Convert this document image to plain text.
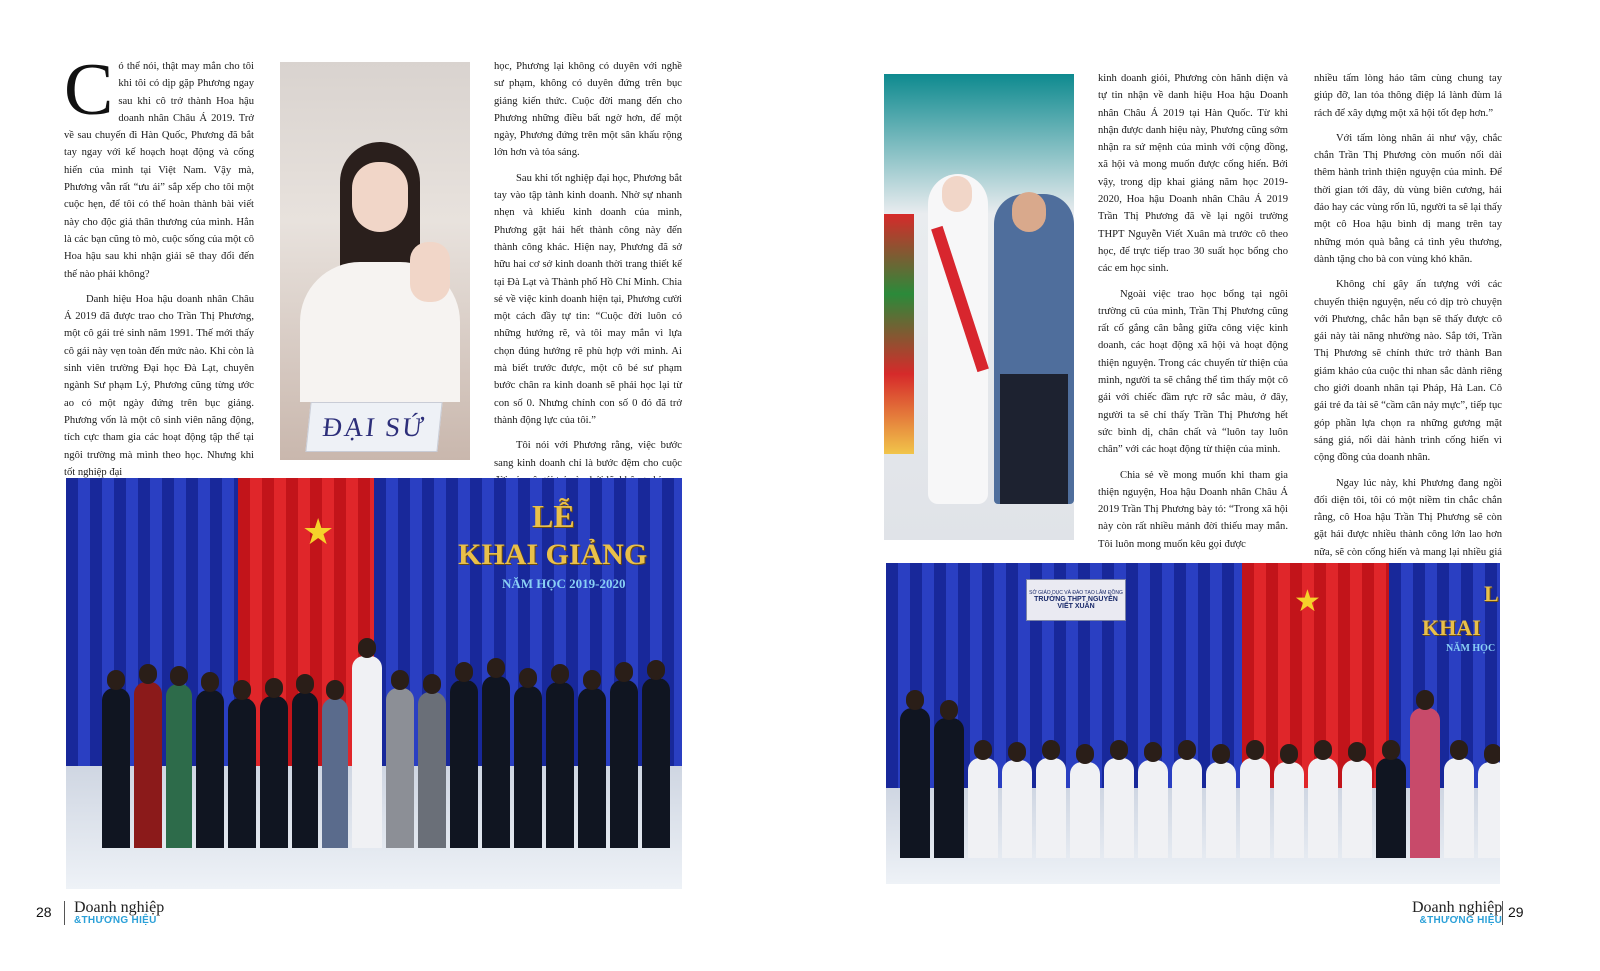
Có thể nói, thật may mắn cho tôi khi tôi có dịp gặp Phương ngay sau khi cô trở thành Hoa hậu doanh nhân Châu Á 2019. Trở về sau chuyến đi Hàn Quốc, Phương đã bắt tay ngay với kế hoạch hoạt động và cống hiến của mình tại Việt Nam. Vậy mà, Phương vẫn rất “ưu ái” sắp xếp cho tôi một cuộc hẹn, để tôi có thể hoàn thành bài viết này cho độc giả thân thương của mình. Hẳn là các bạn cũng tò mò, cuộc sống của một cô Hoa hậu sau khi nhận giải sẽ thay đổi đến thế nào phải không?

Danh hiệu Hoa hậu doanh nhân Châu Á 2019 đã được trao cho Trần Thị Phương, một cô gái trẻ sinh năm 1991. Thế mới thấy cô gái này vẹn toàn đến mức nào. Khi còn là sinh viên trường Đại học Đà Lạt, chuyên ngành Sư phạm Lý, Phương cũng từng ước ao có một ngày đứng trên bục giảng. Phương vốn là một cô sinh viên năng động, tích cực tham gia các hoạt động tập thể tại ngôi trường mà mình theo học. Nhưng khi tốt nghiệp đại

ĐẠI SỨ

học, Phương lại không có duyên với nghề sư phạm, không có duyên đứng trên bục giảng kiến thức. Cuộc đời mang đến cho Phương những điều bất ngờ hơn, để một ngày, Phương đứng trên một sân khấu rộng lớn hơn và tỏa sáng.

Sau khi tốt nghiệp đại học, Phương bắt tay vào tập tành kinh doanh. Nhờ sự nhanh nhẹn và khiếu kinh doanh của mình, Phương gặt hái hết thành công này đến thành công khác. Hiện nay, Phương đã sở hữu hai cơ sở kinh doanh thời trang thiết kế tại Đà Lạt và Thành phố Hồ Chí Minh. Chia sẻ về việc kinh doanh hiện tại, Phương cười một cách đầy tự tin: “Cuộc đời luôn có những hướng rẽ, và tôi may mắn vì lựa chọn đúng hướng rẽ phù hợp với mình. Ai mà biết trước được, một cô bé sư phạm bước chân ra kinh doanh sẽ phải học lại từ con số 0. Nhưng chính con số 0 đó đã trở thành động lực của tôi.”

Tôi nói với Phương rằng, việc bước sang kinh doanh chỉ là bước đệm cho cuộc

★	LỄ
KHAI GIẢNG
NĂM HỌC 2019-2020
28 Doanh nghiệp
&THƯƠNG HIỆU

kinh doanh giỏi, Phương còn hãnh diện và tự tin nhận về danh hiệu Hoa hậu Doanh nhân Châu Á 2019 tại Hàn Quốc. Từ khi nhận được danh hiệu này, Phương cũng sớm nhận ra sứ mệnh của mình với cộng đồng, xã hội và mong muốn được cống hiến. Bởi vậy, trong dịp khai giảng năm học 2019-2020, Hoa hậu Doanh nhân Châu Á 2019 Trần Thị Phương đã về lại ngôi trường THPT Nguyễn Viết Xuân mà trước cô theo học, để trực tiếp trao 30 suất học bổng cho các em học sinh.

Ngoài việc trao học bổng tại ngôi trường cũ của mình, Trần Thị Phương cũng rất cố gắng cân bằng giữa công việc kinh doanh, các hoạt động xã hội và hoạt động thiện nguyện. Trong các chuyến từ thiện của mình, người ta sẽ chẳng thể tìm thấy một cô gái với chiếc đầm rực rỡ sắc màu, ở đây, người ta sẽ chỉ thấy Trần Thị Phương hết sức bình dị, chân chất và “luôn tay luôn chân” với các hoạt động từ thiện của mình.

Chia sẻ về mong muốn khi tham gia thiện nguyện, Hoa hậu Doanh nhân Châu Á 2019 Trần Thị Phương bày tỏ: “Trong xã hội này còn rất nhiều mảnh đời thiếu may mắn. Tôi luôn mong muốn kêu gọi được

nhiều tấm lòng hảo tâm cùng chung tay giúp đỡ, lan tỏa thông điệp lá lành đùm lá rách để xây dựng một xã hội tốt đẹp hơn.”

Với tấm lòng nhân ái như vậy, chắc chắn Trần Thị Phương còn muốn nối dài thêm hành trình thiện nguyện của mình. Để thời gian tới đây, dù vùng biên cương, hải đảo hay các vùng rốn lũ, người ta sẽ lại thấy một cô Hoa hậu bình dị mang trên tay những món quà bằng cả tình yêu thương, dành tặng cho bà con vùng khó khăn.

Không chỉ gây ấn tượng với các chuyến thiện nguyện, nếu có dịp trò chuyện với Phương, chắc hẳn bạn sẽ thấy được cô gái này tài năng nhường nào. Sắp tới, Trần Thị Phương sẽ chính thức trở thành Ban giám khảo của cuộc thi nhan sắc dành riêng cho giới doanh nhân tại Pháp, Hà Lan. Cô gái trẻ đa tài sẽ “cầm cân nảy mực”, tiếp tục góp phần lựa chọn ra những gương mặt sáng giá, nối dài hành trình cống hiến vì cộng đồng của doanh nhân.

Ngay lúc này, khi Phương đang ngồi đối diện tôi, tôi có một niềm tin chắc chắn rằng, cô Hoa hậu Trần Thị Phương sẽ còn gặt hái được nhiều thành công lớn lao hơn nữa, sẽ còn cống hiến và mang lại nhiều giá

SỞ GIÁO DỤC VÀ ĐÀO TẠO LÂM ĐỒNG
TRƯỜNG THPT NGUYỄN VIẾT XUÂN	★	L
KHAI
NĂM HỌC
Doanh nghiệp
&THƯƠNG HIỆU
29
